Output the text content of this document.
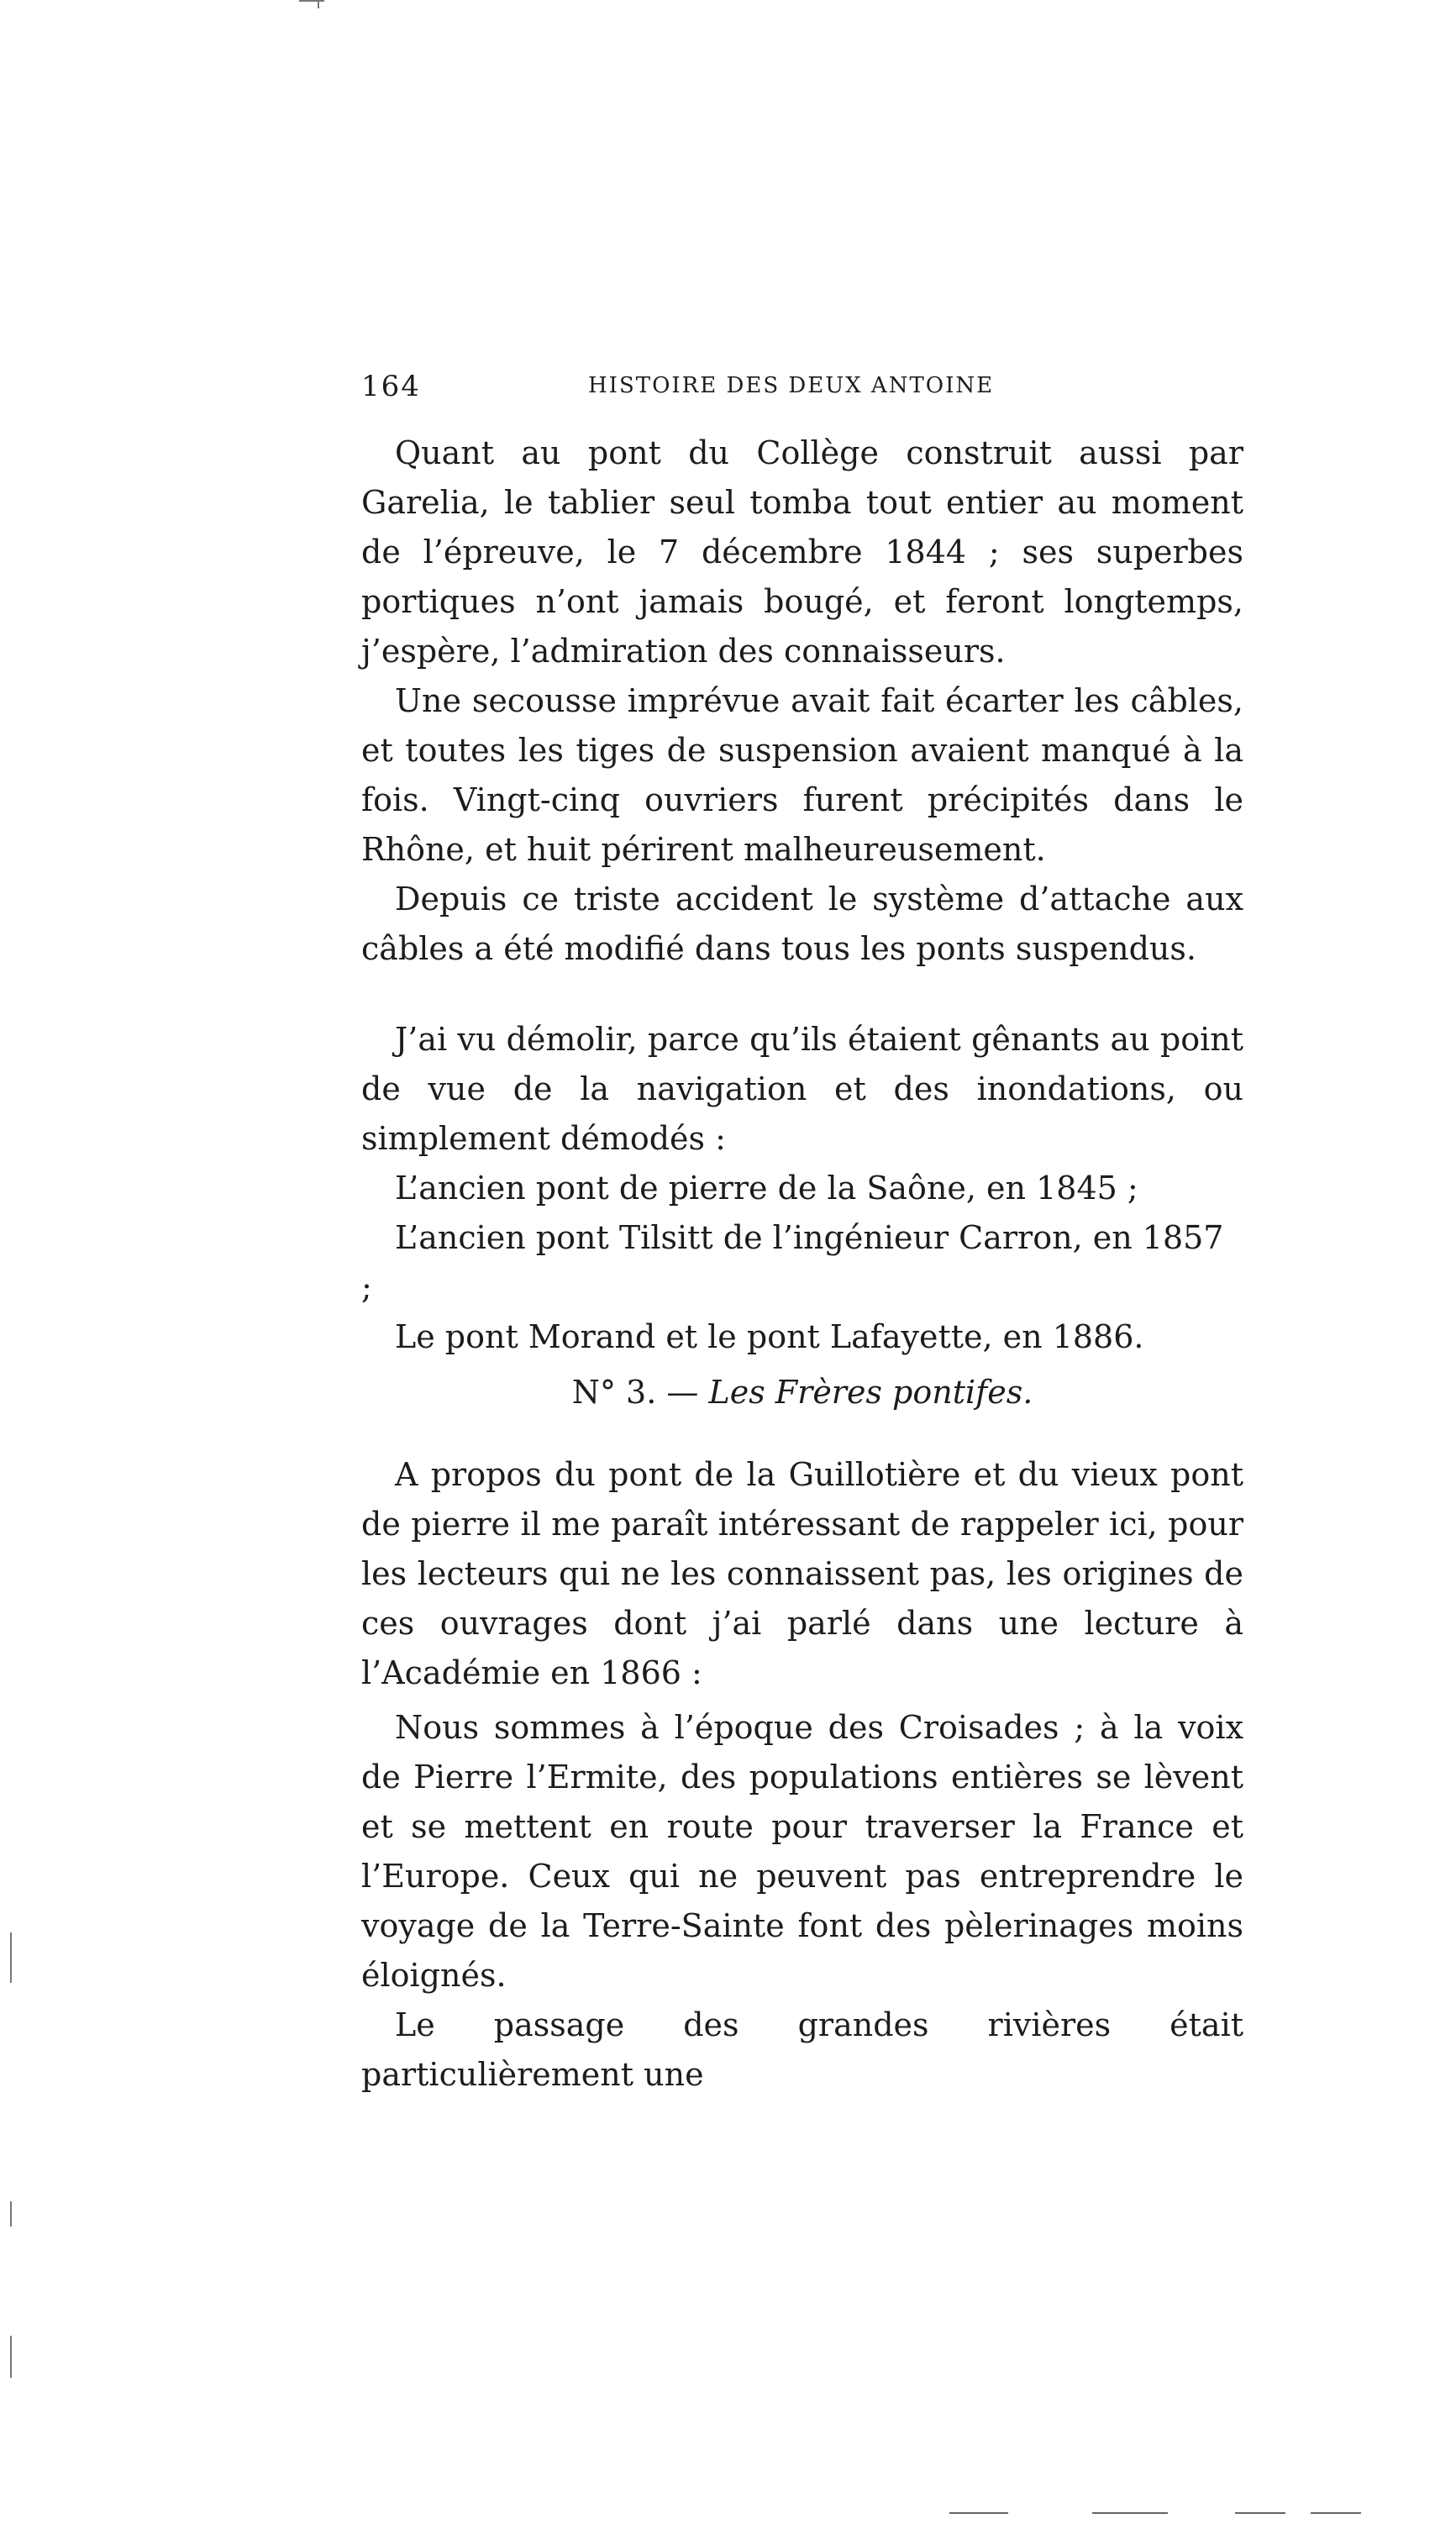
164	HISTOIRE DES DEUX ANTOINE

Quant au pont du Collège construit aussi par Garelia, le tablier seul tomba tout entier au moment de l’épreuve, le 7 décembre 1844 ; ses superbes portiques n’ont jamais bougé, et feront longtemps, j’espère, l’admiration des connaisseurs.

Une secousse imprévue avait fait écarter les câbles, et toutes les tiges de suspension avaient manqué à la fois. Vingt-cinq ouvriers furent précipités dans le Rhône, et huit périrent malheureusement.

Depuis ce triste accident le système d’attache aux câbles a été modifié dans tous les ponts suspendus.

J’ai vu démolir, parce qu’ils étaient gênants au point de vue de la navigation et des inondations, ou simplement démodés :

L’ancien pont de pierre de la Saône, en 1845 ;

L’ancien pont Tilsitt de l’ingénieur Carron, en 1857 ;

Le pont Morand et le pont Lafayette, en 1886.

N° 3. — Les Frères pontifes.

A propos du pont de la Guillotière et du vieux pont de pierre il me paraît intéressant de rappeler ici, pour les lecteurs qui ne les connaissent pas, les origines de ces ouvrages dont j’ai parlé dans une lecture à l’Académie en 1866 :

Nous sommes à l’époque des Croisades ; à la voix de Pierre l’Ermite, des populations entières se lèvent et se mettent en route pour traverser la France et l’Europe. Ceux qui ne peuvent pas entreprendre le voyage de la Terre-Sainte font des pèlerinages moins éloignés.

Le passage des grandes rivières était particulièrement une
